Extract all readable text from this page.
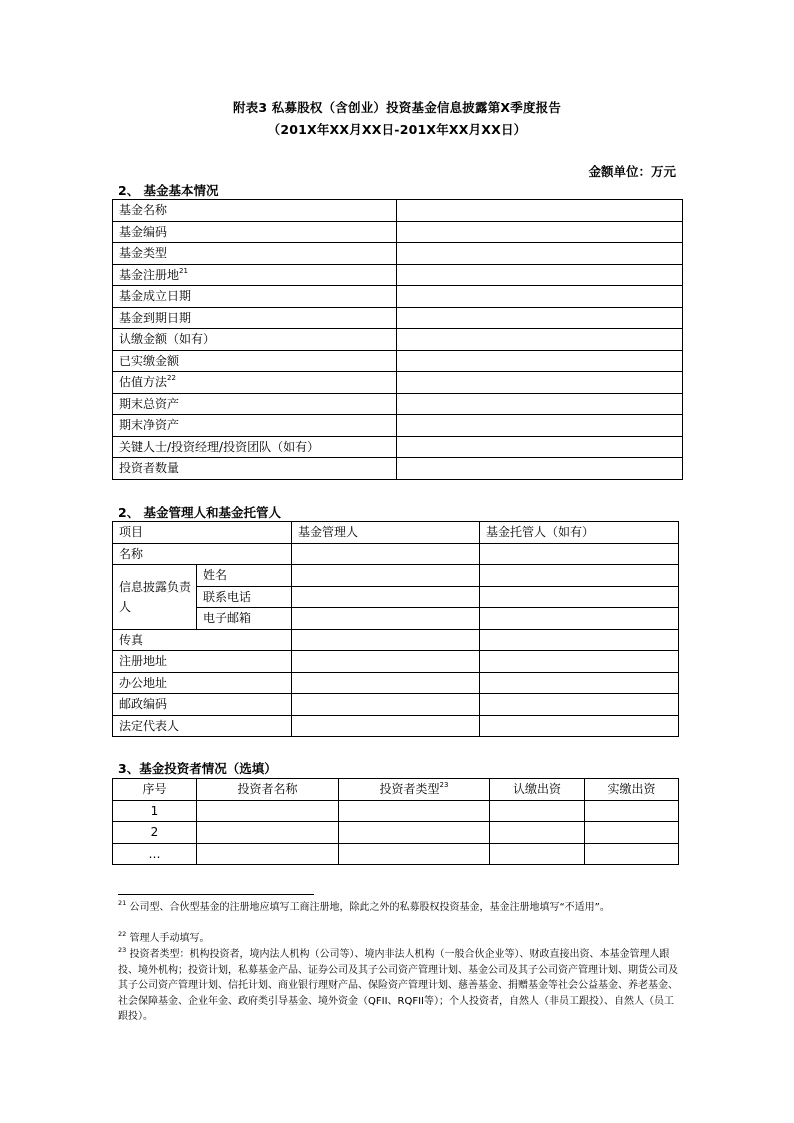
附表3 私募股权（含创业）投资基金信息披露第X季度报告
（201X年XX月XX日-201X年XX月XX日）
金额单位：万元
2、 基金基本情况
基金名称	
基金编码	
基金类型	
基金注册地$^{21}$	
基金成立日期	
基金到期日期	
认缴金额（如有）	
已实缴金额	
估值方法$^{22}$	
期末总资产	
期末净资产	
关键人士/投资经理/投资团队（如有）	
投资者数量	
2、 基金管理人和基金托管人
项目		基金管理人	基金托管人（如有）
名称			
信息披露负责人	姓名		
	联系电话		
	电子邮箱		
传真			
注册地址			
办公地址			
邮政编码			
法定代表人			
3、基金投资者情况（选填）
序号	投资者名称	投资者类型$^{23}$	认缴出资	实缴出资
1				
2				
…				
$^{21}$ 公司型、合伙型基金的注册地应填写工商注册地，除此之外的私募股权投资基金，基金注册地填写“不适用”。
$^{22}$ 管理人手动填写。
$^{23}$ 投资者类型：机构投资者，境内法人机构（公司等）、境内非法人机构（一般合伙企业等）、财政直接出资、本基金管理人跟投、境外机构；投资计划，私募基金产品、证券公司及其子公司资产管理计划、基金公司及其子公司资产管理计划、期货公司及其子公司资产管理计划、信托计划、商业银行理财产品、保险资产管理计划、慈善基金、捐赠基金等社会公益基金、养老基金、社会保障基金、企业年金、政府类引导基金、境外资金（QFII、RQFII等）；个人投资者，自然人（非员工跟投）、自然人（员工跟投）。
